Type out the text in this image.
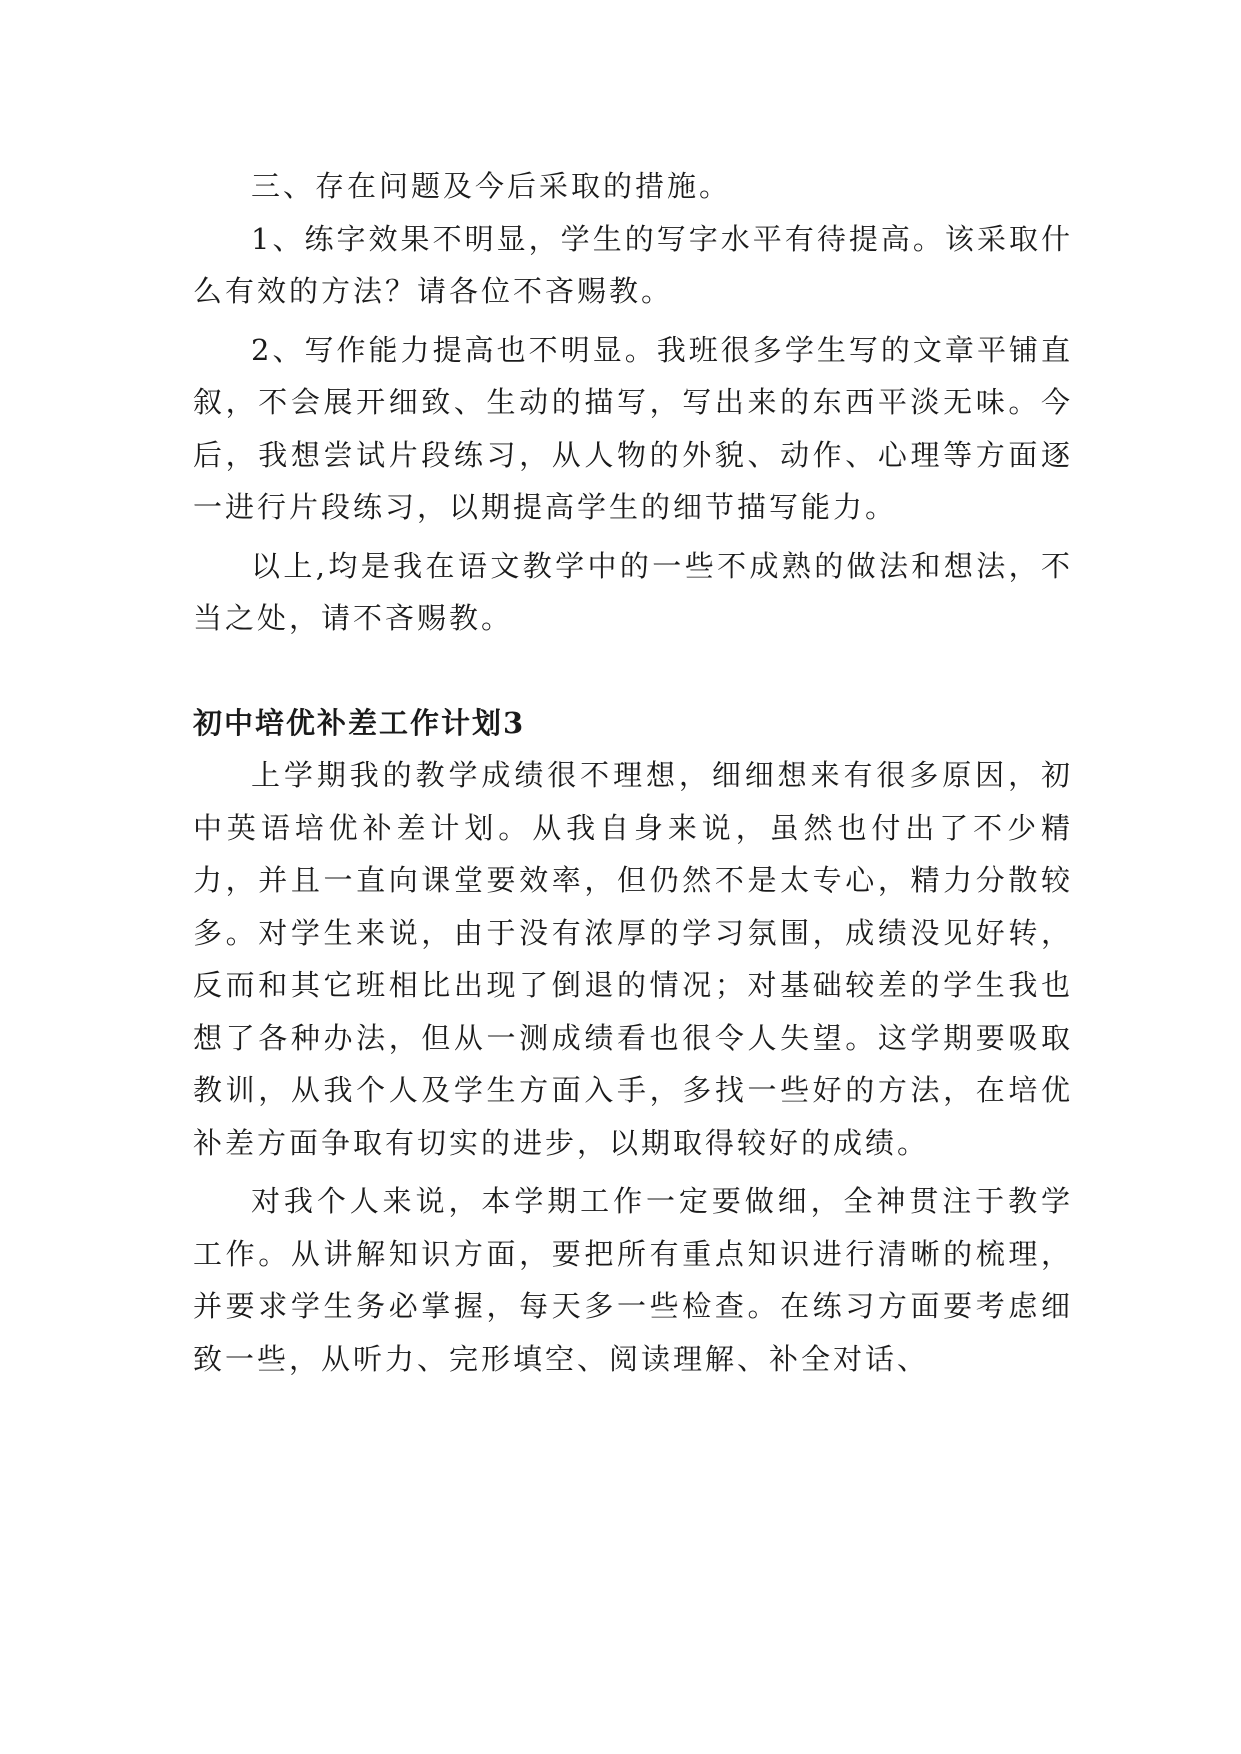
三、存在问题及今后采取的措施。

1、练字效果不明显，学生的写字水平有待提高。该采取什么有效的方法？请各位不吝赐教。

2、写作能力提高也不明显。我班很多学生写的文章平铺直叙，不会展开细致、生动的描写，写出来的东西平淡无味。今后，我想尝试片段练习，从人物的外貌、动作、心理等方面逐一进行片段练习，以期提高学生的细节描写能力。

以上,均是我在语文教学中的一些不成熟的做法和想法，不当之处，请不吝赐教。

初中培优补差工作计划3

上学期我的教学成绩很不理想，细细想来有很多原因，初中英语培优补差计划。从我自身来说，虽然也付出了不少精力，并且一直向课堂要效率，但仍然不是太专心，精力分散较多。对学生来说，由于没有浓厚的学习氛围，成绩没见好转，反而和其它班相比出现了倒退的情况；对基础较差的学生我也想了各种办法，但从一测成绩看也很令人失望。这学期要吸取教训，从我个人及学生方面入手，多找一些好的方法，在培优补差方面争取有切实的进步，以期取得较好的成绩。

对我个人来说，本学期工作一定要做细，全神贯注于教学工作。从讲解知识方面，要把所有重点知识进行清晰的梳理，并要求学生务必掌握，每天多一些检查。在练习方面要考虑细致一些，从听力、完形填空、阅读理解、补全对话、
